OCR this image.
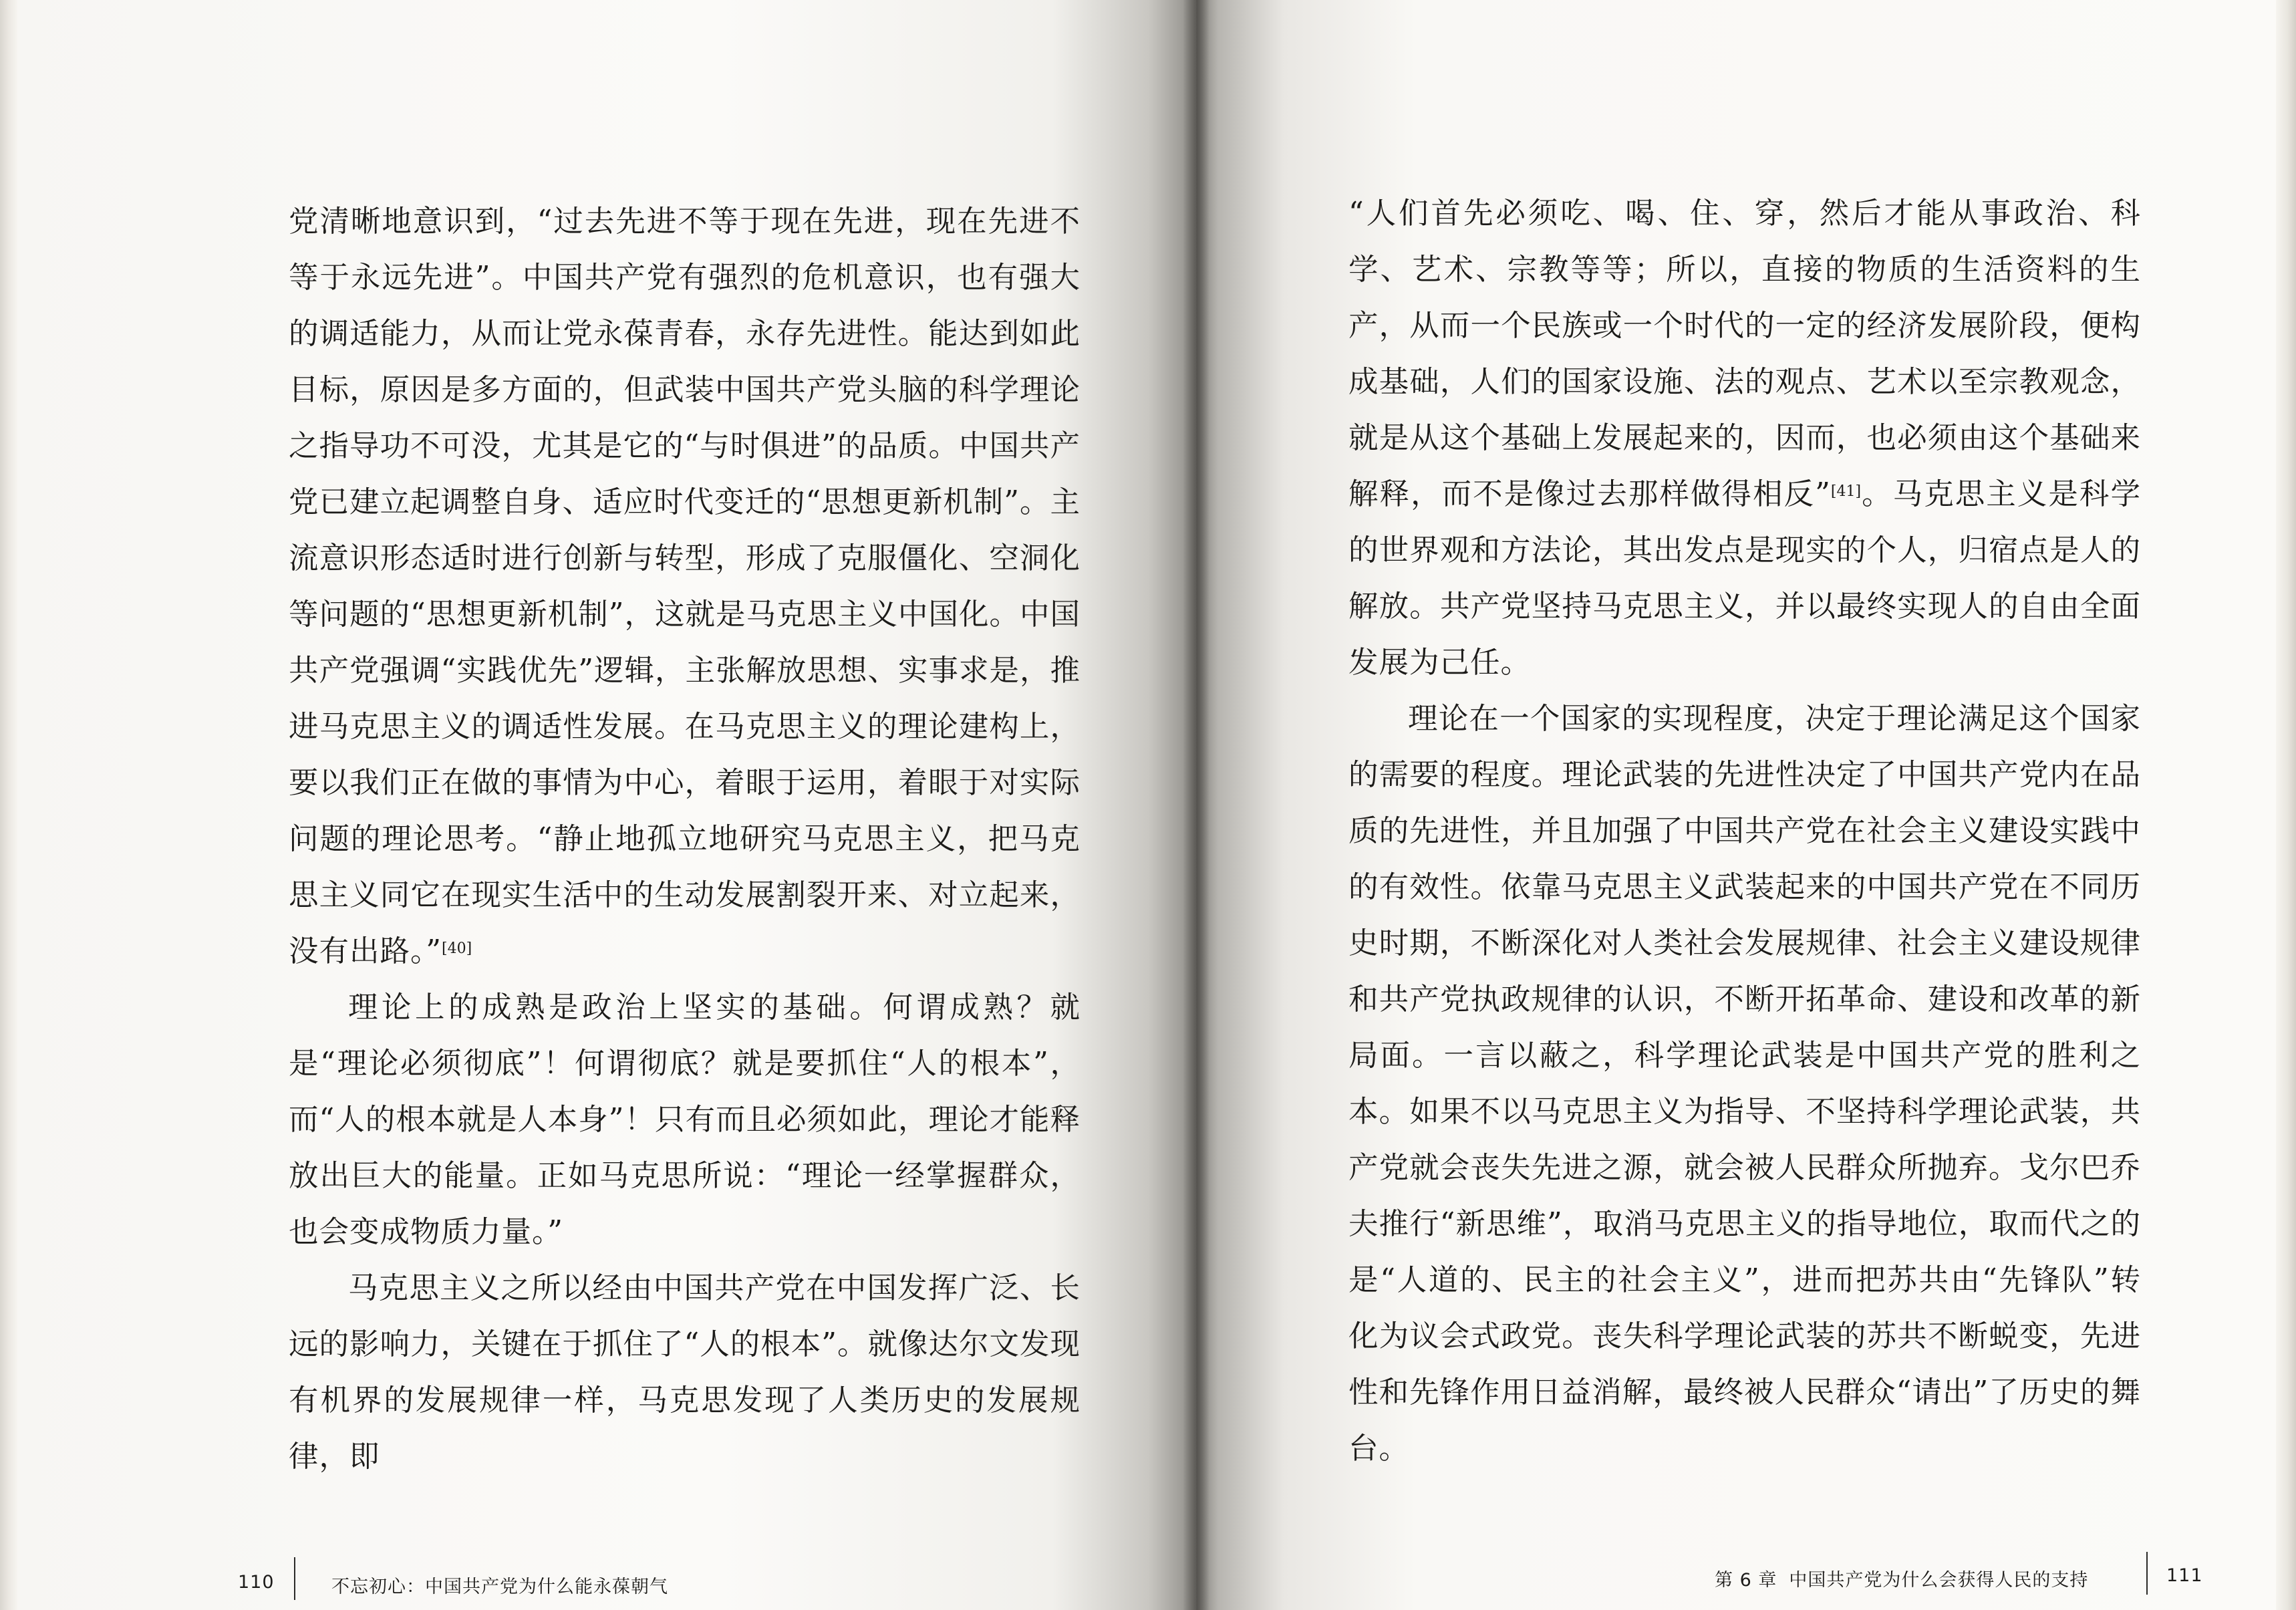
党清晰地意识到，“过去先进不等于现在先进，现在先进不等于永远先进”。中国共产党有强烈的危机意识，也有强大的调适能力，从而让党永葆青春，永存先进性。能达到如此目标，原因是多方面的，但武装中国共产党头脑的科学理论之指导功不可没，尤其是它的“与时俱进”的品质。中国共产党已建立起调整自身、适应时代变迁的“思想更新机制”。主流意识形态适时进行创新与转型，形成了克服僵化、空洞化等问题的“思想更新机制”，这就是马克思主义中国化。中国共产党强调“实践优先”逻辑，主张解放思想、实事求是，推进马克思主义的调适性发展。在马克思主义的理论建构上，要以我们正在做的事情为中心，着眼于运用，着眼于对实际问题的理论思考。“静止地孤立地研究马克思主义，把马克思主义同它在现实生活中的生动发展割裂开来、对立起来，没有出路。”[40]

理论上的成熟是政治上坚实的基础。何谓成熟？就是“理论必须彻底”！何谓彻底？就是要抓住“人的根本”，而“人的根本就是人本身”！只有而且必须如此，理论才能释放出巨大的能量。正如马克思所说：“理论一经掌握群众，也会变成物质力量。”

马克思主义之所以经由中国共产党在中国发挥广泛、长远的影响力，关键在于抓住了“人的根本”。就像达尔文发现有机界的发展规律一样，马克思发现了人类历史的发展规律，即

110	不忘初心：中国共产党为什么能永葆朝气

“人们首先必须吃、喝、住、穿，然后才能从事政治、科学、艺术、宗教等等；所以，直接的物质的生活资料的生产，从而一个民族或一个时代的一定的经济发展阶段，便构成基础，人们的国家设施、法的观点、艺术以至宗教观念，就是从这个基础上发展起来的，因而，也必须由这个基础来解释，而不是像过去那样做得相反”[41]。马克思主义是科学的世界观和方法论，其出发点是现实的个人，归宿点是人的解放。共产党坚持马克思主义，并以最终实现人的自由全面发展为己任。

理论在一个国家的实现程度，决定于理论满足这个国家的需要的程度。理论武装的先进性决定了中国共产党内在品质的先进性，并且加强了中国共产党在社会主义建设实践中的有效性。依靠马克思主义武装起来的中国共产党在不同历史时期，不断深化对人类社会发展规律、社会主义建设规律和共产党执政规律的认识，不断开拓革命、建设和改革的新局面。一言以蔽之，科学理论武装是中国共产党的胜利之本。如果不以马克思主义为指导、不坚持科学理论武装，共产党就会丧失先进之源，就会被人民群众所抛弃。戈尔巴乔夫推行“新思维”，取消马克思主义的指导地位，取而代之的是“人道的、民主的社会主义”，进而把苏共由“先锋队”转化为议会式政党。丧失科学理论武装的苏共不断蜕变，先进性和先锋作用日益消解，最终被人民群众“请出”了历史的舞台。

第 6 章 中国共产党为什么会获得人民的支持	111
